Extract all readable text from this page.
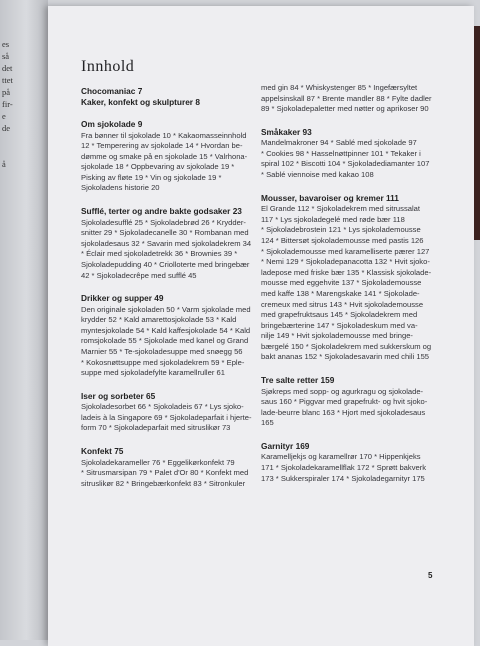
es
så
det
ttet
på
fir-
e
de

å
Innhold
Chocomaniac 7
Kaker, konfekt og skulpturer 8
Om sjokolade 9
Fra bønner til sjokolade 10 * Kakaomasseinnhold
12 * Temperering av sjokolade 14 * Hvordan be-
dømme og smake på en sjokolade 15 * Valrhona-
sjokolade 18 * Oppbevaring av sjokolade 19 *
Pisking av fløte 19 * Vin og sjokolade 19 *
Sjokoladens historie 20
Sufflé, terter og andre bakte godsaker 23
Sjokoladesufflé 25 * Sjokoladebrød 26 * Krydder-
snitter 29 * Sjokoladecanelle 30 * Rombanan med
sjokoladesaus 32 * Savarin med sjokoladekrem 34
* Éclair med sjokoladetrekk 36 * Brownies 39 *
Sjokoladepudding 40 * Criolloterte med bringebær
42 * Sjokoladecrêpe med sufflé 45
Drikker og supper 49
Den originale sjokoladen 50 * Varm sjokolade med
krydder 52 * Kald amarettosjokolade 53 * Kald
myntesjokolade 54 * Kald kaffesjokolade 54 * Kald
romsjokolade 55 * Sjokolade med kanel og Grand
Marnier 55 * Te-sjokoladesuppe med snøegg 56
* Kokosnøttsuppe med sjokoladekrem 59 * Eple-
suppe med sjokoladefylte karamellruller 61
Iser og sorbeter 65
Sjokoladesorbet 66 * Sjokoladeis 67 * Lys sjoko-
ladeis à la Singapore 69 * Sjokoladeparfait i hjerte-
form 70 * Sjokoladeparfait med sitruslikør 73
Konfekt 75
Sjokoladekarameller 76 * Eggelikørkonfekt 79
* Sitrusmarsipan 79 * Palet d'Or 80 * Konfekt med
sitruslikør 82 * Bringebærkonfekt 83 * Sitronkuler
med gin 84 * Whiskystenger 85 * Ingefærsyltet
appelsinskall 87 * Brente mandler 88 * Fylte dadler
89 * Sjokoladepaletter med nøtter og aprikoser 90
Småkaker 93
Mandelmakroner 94 * Sablé med sjokolade 97
* Cookies 98 * Hasselnøttpinner 101 * Tekaker i
spiral 102 * Biscotti 104 * Sjokoladediamanter 107
* Sablé viennoise med kakao 108
Mousser, bavaroiser og kremer 111
El Grande 112 * Sjokoladekrem med sitrussalat
117 * Lys sjokoladegelé med røde bær 118
* Sjokoladebrostein 121 * Lys sjokolademousse
124 * Bittersøt sjokolademousse med pastis 126
* Sjokolademousse med karamelliserte pærer 127
* Nemi 129 * Sjokoladepanacotta 132 * Hvit sjoko-
ladepose med friske bær 135 * Klassisk sjokolade-
mousse med eggehvite 137 * Sjokolademousse
med kaffe 138 * Marengskake 141 * Sjokolade-
cremeux med sitrus 143 * Hvit sjokolademousse
med grapefruktsaus 145 * Sjokoladekrem med
bringebærterine 147 * Sjokoladeskum med va-
nilje 149 * Hvit sjokolademousse med bringe-
bærgelé 150 * Sjokoladekrem med sukkerskum og
bakt ananas 152 * Sjokoladesavarin med chili 155
Tre salte retter 159
Sjøkreps med sopp- og agurkragu og sjokolade-
saus 160 * Piggvar med grapefrukt- og hvit sjoko-
lade-beurre blanc 163 * Hjort med sjokoladesaus
165
Garnityr 169
Karamelljekjs og karamellrør 170 * Hippenkjeks
171 * Sjokoladekaramellflak 172 * Sprøtt bakverk
173 * Sukkerspiraler 174 * Sjokoladegarnityr 175
5
